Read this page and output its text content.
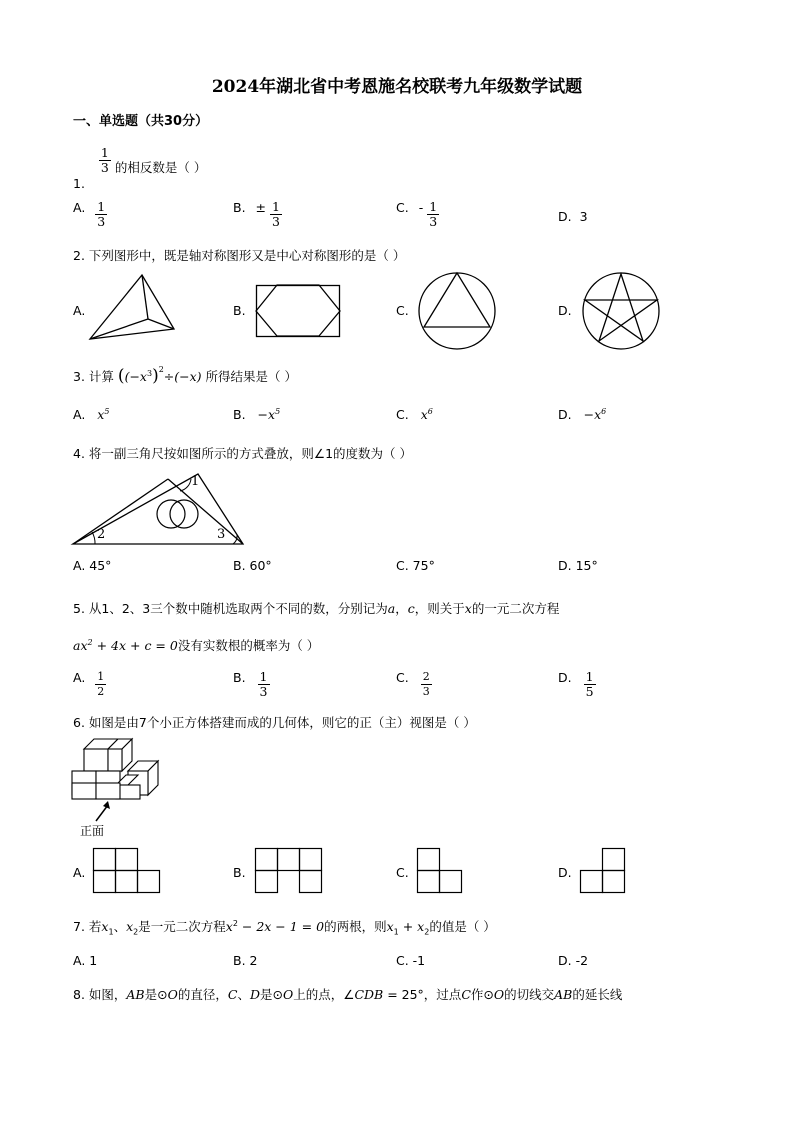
2024年湖北省中考恩施名校联考九年级数学试题
一、单选题（共30分）
1.
$\frac{1}{3}$ 的相反数是（ ）
A. $\frac{1}{3}$	B. ± $\frac{1}{3}$	C. - $\frac{1}{3}$	D. 3
2. 下列图形中，既是轴对称图形又是中心对称图形的是（ ）
A.	B.	C.	D.
3. 计算 ($(-x^3)^2\div(-x)$ 所得结果是（ ）
A. $x^5$	B. $-x^5$	C. $x^6$	D. $-x^6$
4. 将一副三角尺按如图所示的方式叠放，则∠1的度数为（ ）
1
2	3
A. 45°	B. 60°	C. 75°	D. 15°
5. 从1、2、3三个数中随机选取两个不同的数，分别记为a，c，则关于x的一元二次方程
$ax^2 + 4x + c = 0$没有实数根的概率为（ ）
A. $\frac{1}{2}$	B. $\frac{1}{3}$	C. $\frac{2}{3}$	D. $\frac{1}{5}$
6. 如图是由7个小正方体搭建而成的几何体，则它的正（主）视图是（ ）
正面
A.	B.	C.	D.
7. 若$x_1$、$x_2$是一元二次方程$x^2 - 2x - 1 = 0$的两根，则$x_1 + x_2$的值是（ ）
A. 1	B. 2	C. -1	D. -2
8. 如图，AB是⊙O的直径，C、D是⊙O上的点，∠CDB = 25°，过点C作⊙O的切线交AB的延长线
